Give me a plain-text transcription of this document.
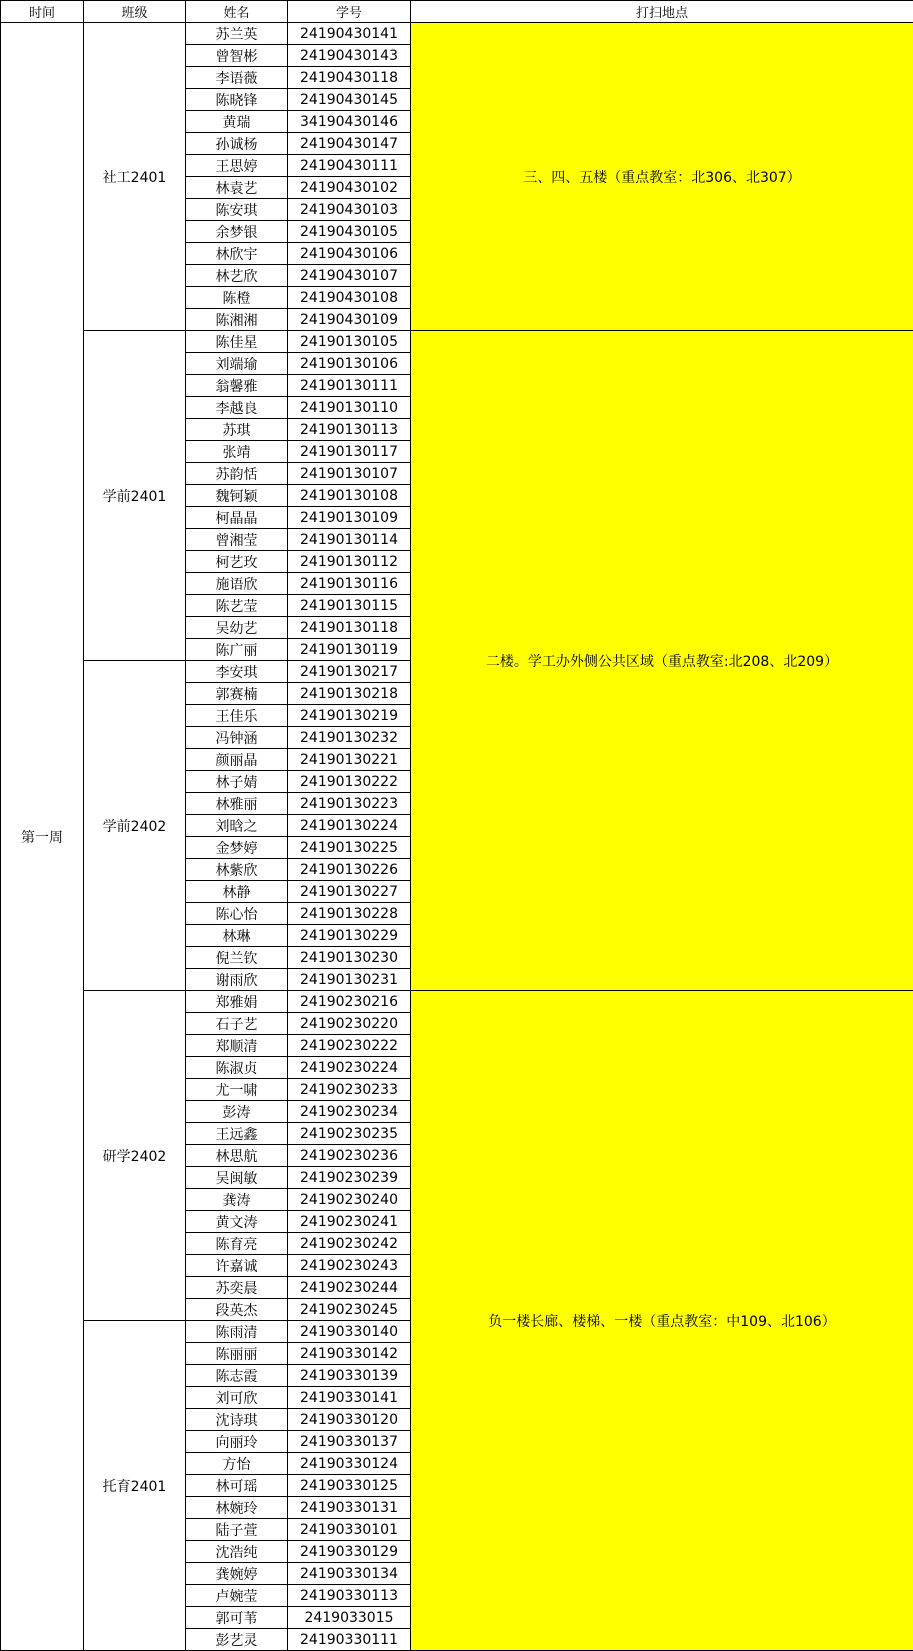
时间	班级	姓名	学号	打扫地点
第一周	社工2401	苏兰英	24190430141	三、四、五楼（重点教室：北306、北307）
		曾智彬	24190430143	
		李语薇	24190430118	
		陈晓锋	24190430145	
		黄瑞	34190430146	
		孙诚杨	24190430147	
		王思婷	24190430111	
		林袁艺	24190430102	
		陈安琪	24190430103	
		余梦银	24190430105	
		林欣宇	24190430106	
		林艺欣	24190430107	
		陈橙	24190430108	
		陈湘湘	24190430109	
	学前2401	陈佳星	24190130105	二楼。学工办外侧公共区域（重点教室:北208、北209）
		刘端瑜	24190130106	
		翁馨雅	24190130111	
		李越良	24190130110	
		苏琪	24190130113	
		张靖	24190130117	
		苏韵恬	24190130107	
		魏钶颖	24190130108	
		柯晶晶	24190130109	
		曾湘莹	24190130114	
		柯艺玫	24190130112	
		施语欣	24190130116	
		陈艺莹	24190130115	
		吴幼艺	24190130118	
		陈广丽	24190130119	
	学前2402	李安琪	24190130217	
		郭赛楠	24190130218	
		王佳乐	24190130219	
		冯钟涵	24190130232	
		颜丽晶	24190130221	
		林子婧	24190130222	
		林雅丽	24190130223	
		刘晗之	24190130224	
		金梦婷	24190130225	
		林紫欣	24190130226	
		林静	24190130227	
		陈心怡	24190130228	
		林琳	24190130229	
		倪兰钦	24190130230	
		谢雨欣	24190130231	
	研学2402	郑雅娟	24190230216	负一楼长廊、楼梯、一楼（重点教室：中109、北106）
		石子艺	24190230220	
		郑顺清	24190230222	
		陈淑贞	24190230224	
		尤一啸	24190230233	
		彭涛	24190230234	
		王远鑫	24190230235	
		林思航	24190230236	
		吴闽敏	24190230239	
		龚涛	24190230240	
		黄文涛	24190230241	
		陈育亮	24190230242	
		许嘉诚	24190230243	
		苏奕晨	24190230244	
		段英杰	24190230245	
	托育2401	陈雨清	24190330140	
		陈丽丽	24190330142	
		陈志霞	24190330139	
		刘可欣	24190330141	
		沈诗琪	24190330120	
		向丽玲	24190330137	
		方怡	24190330124	
		林可瑶	24190330125	
		林婉玲	24190330131	
		陆子萱	24190330101	
		沈浩纯	24190330129	
		龚婉婷	24190330134	
		卢婉莹	24190330113	
		郭可苇	2419033015	
		彭艺灵	24190330111	
